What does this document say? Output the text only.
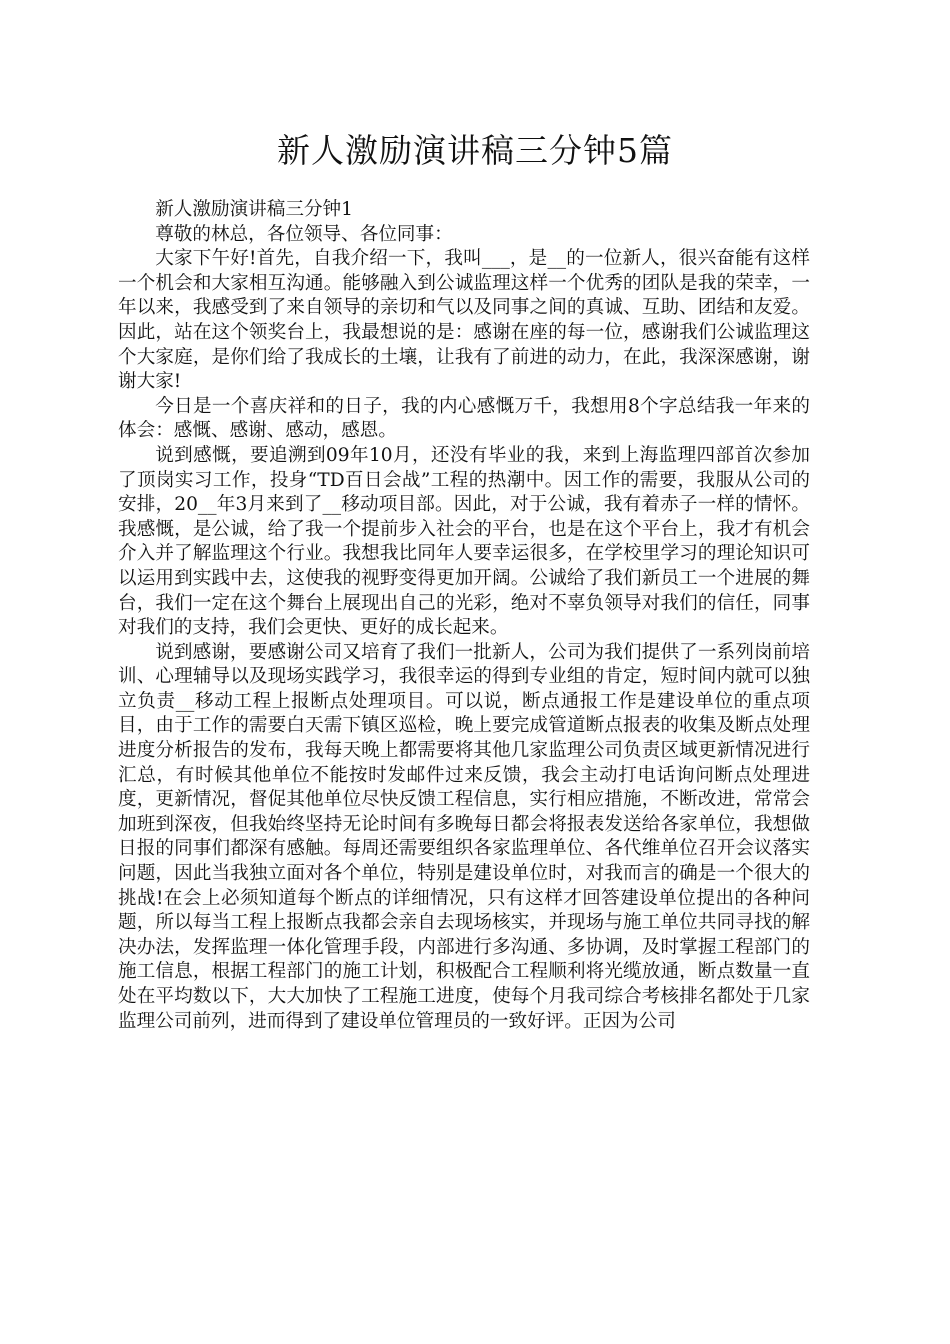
新人激励演讲稿三分钟5篇

新人激励演讲稿三分钟1

尊敬的林总，各位领导、各位同事：

大家下午好!首先，自我介绍一下，我叫___，是__的一位新人，很兴奋能有这样一个机会和大家相互沟通。能够融入到公诚监理这样一个优秀的团队是我的荣幸，一年以来，我感受到了来自领导的亲切和气以及同事之间的真诚、互助、团结和友爱。因此，站在这个领奖台上，我最想说的是：感谢在座的每一位，感谢我们公诚监理这个大家庭，是你们给了我成长的土壤，让我有了前进的动力，在此，我深深感谢，谢谢大家!

今日是一个喜庆祥和的日子，我的内心感慨万千，我想用8个字总结我一年来的体会：感慨、感谢、感动，感恩。

说到感慨，要追溯到09年10月，还没有毕业的我，来到上海监理四部首次参加了顶岗实习工作，投身“TD百日会战”工程的热潮中。因工作的需要，我服从公司的安排，20__年3月来到了__移动项目部。因此，对于公诚，我有着赤子一样的情怀。我感慨，是公诚，给了我一个提前步入社会的平台，也是在这个平台上，我才有机会介入并了解监理这个行业。我想我比同年人要幸运很多，在学校里学习的理论知识可以运用到实践中去，这使我的视野变得更加开阔。公诚给了我们新员工一个进展的舞台，我们一定在这个舞台上展现出自己的光彩，绝对不辜负领导对我们的信任，同事对我们的支持，我们会更快、更好的成长起来。

说到感谢，要感谢公司又培育了我们一批新人，公司为我们提供了一系列岗前培训、心理辅导以及现场实践学习，我很幸运的得到专业组的肯定，短时间内就可以独立负责__移动工程上报断点处理项目。可以说，断点通报工作是建设单位的重点项目，由于工作的需要白天需下镇区巡检，晚上要完成管道断点报表的收集及断点处理进度分析报告的发布，我每天晚上都需要将其他几家监理公司负责区域更新情况进行汇总，有时候其他单位不能按时发邮件过来反馈，我会主动打电话询问断点处理进度，更新情况，督促其他单位尽快反馈工程信息，实行相应措施，不断改进，常常会加班到深夜，但我始终坚持无论时间有多晚每日都会将报表发送给各家单位，我想做日报的同事们都深有感触。每周还需要组织各家监理单位、各代维单位召开会议落实问题，因此当我独立面对各个单位，特别是建设单位时，对我而言的确是一个很大的挑战!在会上必须知道每个断点的详细情况，只有这样才回答建设单位提出的各种问题，所以每当工程上报断点我都会亲自去现场核实，并现场与施工单位共同寻找的解决办法，发挥监理一体化管理手段，内部进行多沟通、多协调，及时掌握工程部门的施工信息，根据工程部门的施工计划，积极配合工程顺利将光缆放通，断点数量一直处在平均数以下，大大加快了工程施工进度，使每个月我司综合考核排名都处于几家监理公司前列，进而得到了建设单位管理员的一致好评。正因为公司
